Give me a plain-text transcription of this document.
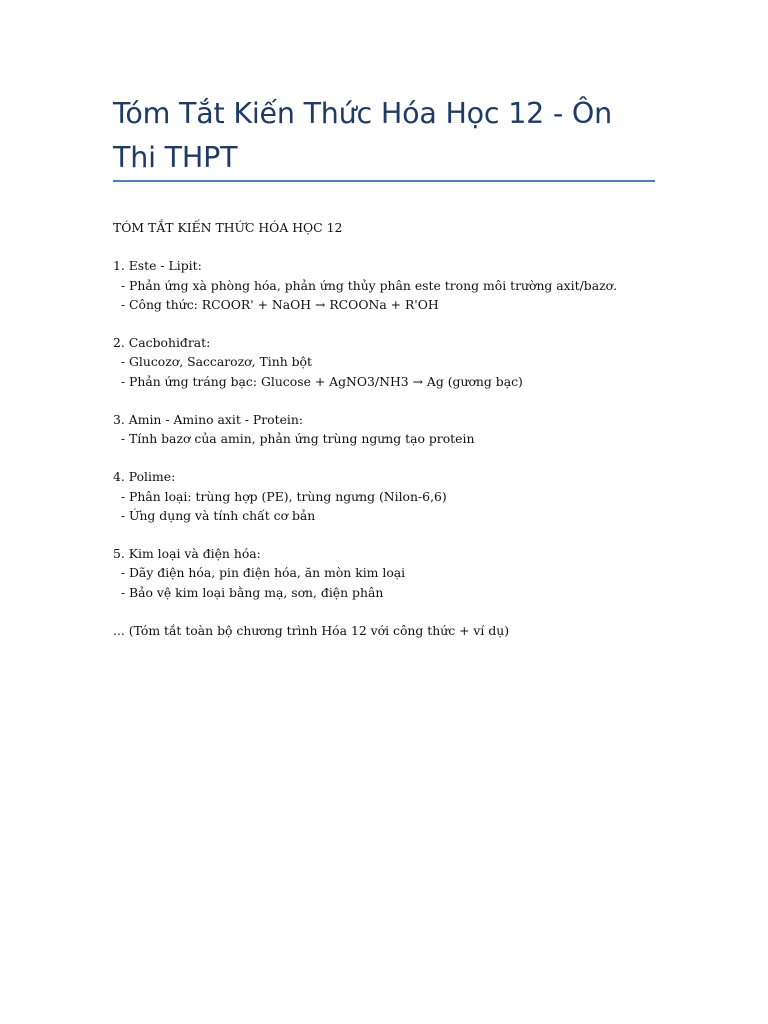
Tóm Tắt Kiến Thức Hóa Học 12 - Ôn Thi THPT
TÓM TẮT KIẾN THỨC HÓA HỌC 12
1. Este - Lipit:
- Phản ứng xà phòng hóa, phản ứng thủy phân este trong môi trường axit/bazơ.
- Công thức: RCOOR' + NaOH → RCOONa + R'OH
2. Cacbohiđrat:
- Glucozơ, Saccarozơ, Tinh bột
- Phản ứng tráng bạc: Glucose + AgNO3/NH3 → Ag (gương bạc)
3. Amin - Amino axit - Protein:
- Tính bazơ của amin, phản ứng trùng ngưng tạo protein
4. Polime:
- Phân loại: trùng hợp (PE), trùng ngưng (Nilon-6,6)
- Ứng dụng và tính chất cơ bản
5. Kim loại và điện hóa:
- Dãy điện hóa, pin điện hóa, ăn mòn kim loại
- Bảo vệ kim loại bằng mạ, sơn, điện phân
... (Tóm tắt toàn bộ chương trình Hóa 12 với công thức + ví dụ)
